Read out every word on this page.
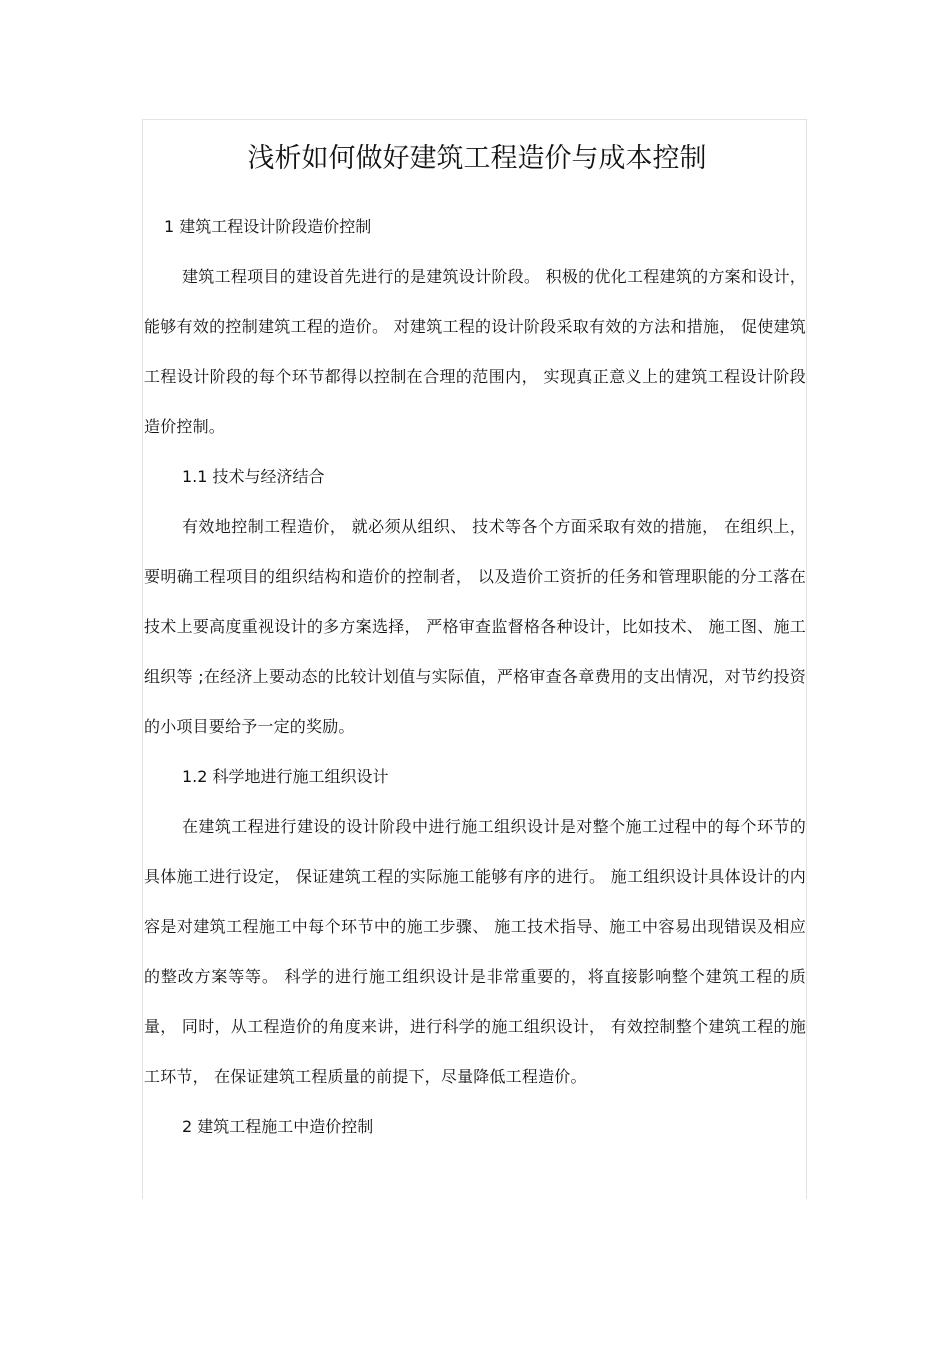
浅析如何做好建筑工程造价与成本控制
1 建筑工程设计阶段造价控制

建筑工程项目的建设首先进行的是建筑设计阶段。 积极的优化工程建筑的方案和设计， 能够有效的控制建筑工程的造价。 对建筑工程的设计阶段采取有效的方法和措施， 促使建筑工程设计阶段的每个环节都得以控制在合理的范围内， 实现真正意义上的建筑工程设计阶段造价控制。

1.1 技术与经济结合

有效地控制工程造价， 就必须从组织、 技术等各个方面采取有效的措施， 在组织上，要明确工程项目的组织结构和造价的控制者， 以及造价工资折的任务和管理职能的分工落在技术上要高度重视设计的多方案选择， 严格审查监督格各种设计，比如技术、 施工图、施工组织等 ;在经济上要动态的比较计划值与实际值，严格审查各章费用的支出情况，对节约投资的小项目要给予一定的奖励。

1.2 科学地进行施工组织设计

在建筑工程进行建设的设计阶段中进行施工组织设计是对整个施工过程中的每个环节的具体施工进行设定， 保证建筑工程的实际施工能够有序的进行。 施工组织设计具体设计的内容是对建筑工程施工中每个环节中的施工步骤、 施工技术指导、施工中容易出现错误及相应的整改方案等等。 科学的进行施工组织设计是非常重要的，将直接影响整个建筑工程的质量， 同时，从工程造价的角度来讲，进行科学的施工组织设计， 有效控制整个建筑工程的施工环节， 在保证建筑工程质量的前提下，尽量降低工程造价。

2 建筑工程施工中造价控制
